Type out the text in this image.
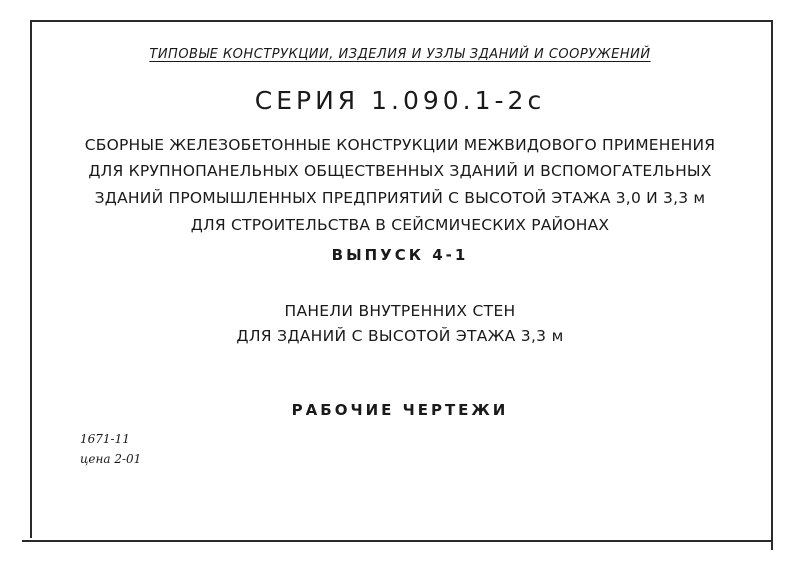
ТИПОВЫЕ КОНСТРУКЦИИ, ИЗДЕЛИЯ И УЗЛЫ ЗДАНИЙ И СООРУЖЕНИЙ
СЕРИЯ 1.090.1-2с
СБОРНЫЕ ЖЕЛЕЗОБЕТОННЫЕ КОНСТРУКЦИИ МЕЖВИДОВОГО ПРИМЕНЕНИЯ
ДЛЯ КРУПНОПАНЕЛЬНЫХ ОБЩЕСТВЕННЫХ ЗДАНИЙ И ВСПОМОГАТЕЛЬНЫХ
ЗДАНИЙ ПРОМЫШЛЕННЫХ ПРЕДПРИЯТИЙ С ВЫСОТОЙ ЭТАЖА 3,0 И 3,3 м
ДЛЯ СТРОИТЕЛЬСТВА В СЕЙСМИЧЕСКИХ РАЙОНАХ
ВЫПУСК 4-1
ПАНЕЛИ ВНУТРЕННИХ СТЕН
ДЛЯ ЗДАНИЙ С ВЫСОТОЙ ЭТАЖА 3,3 м
РАБОЧИЕ ЧЕРТЕЖИ
1671-11
цена 2-01
